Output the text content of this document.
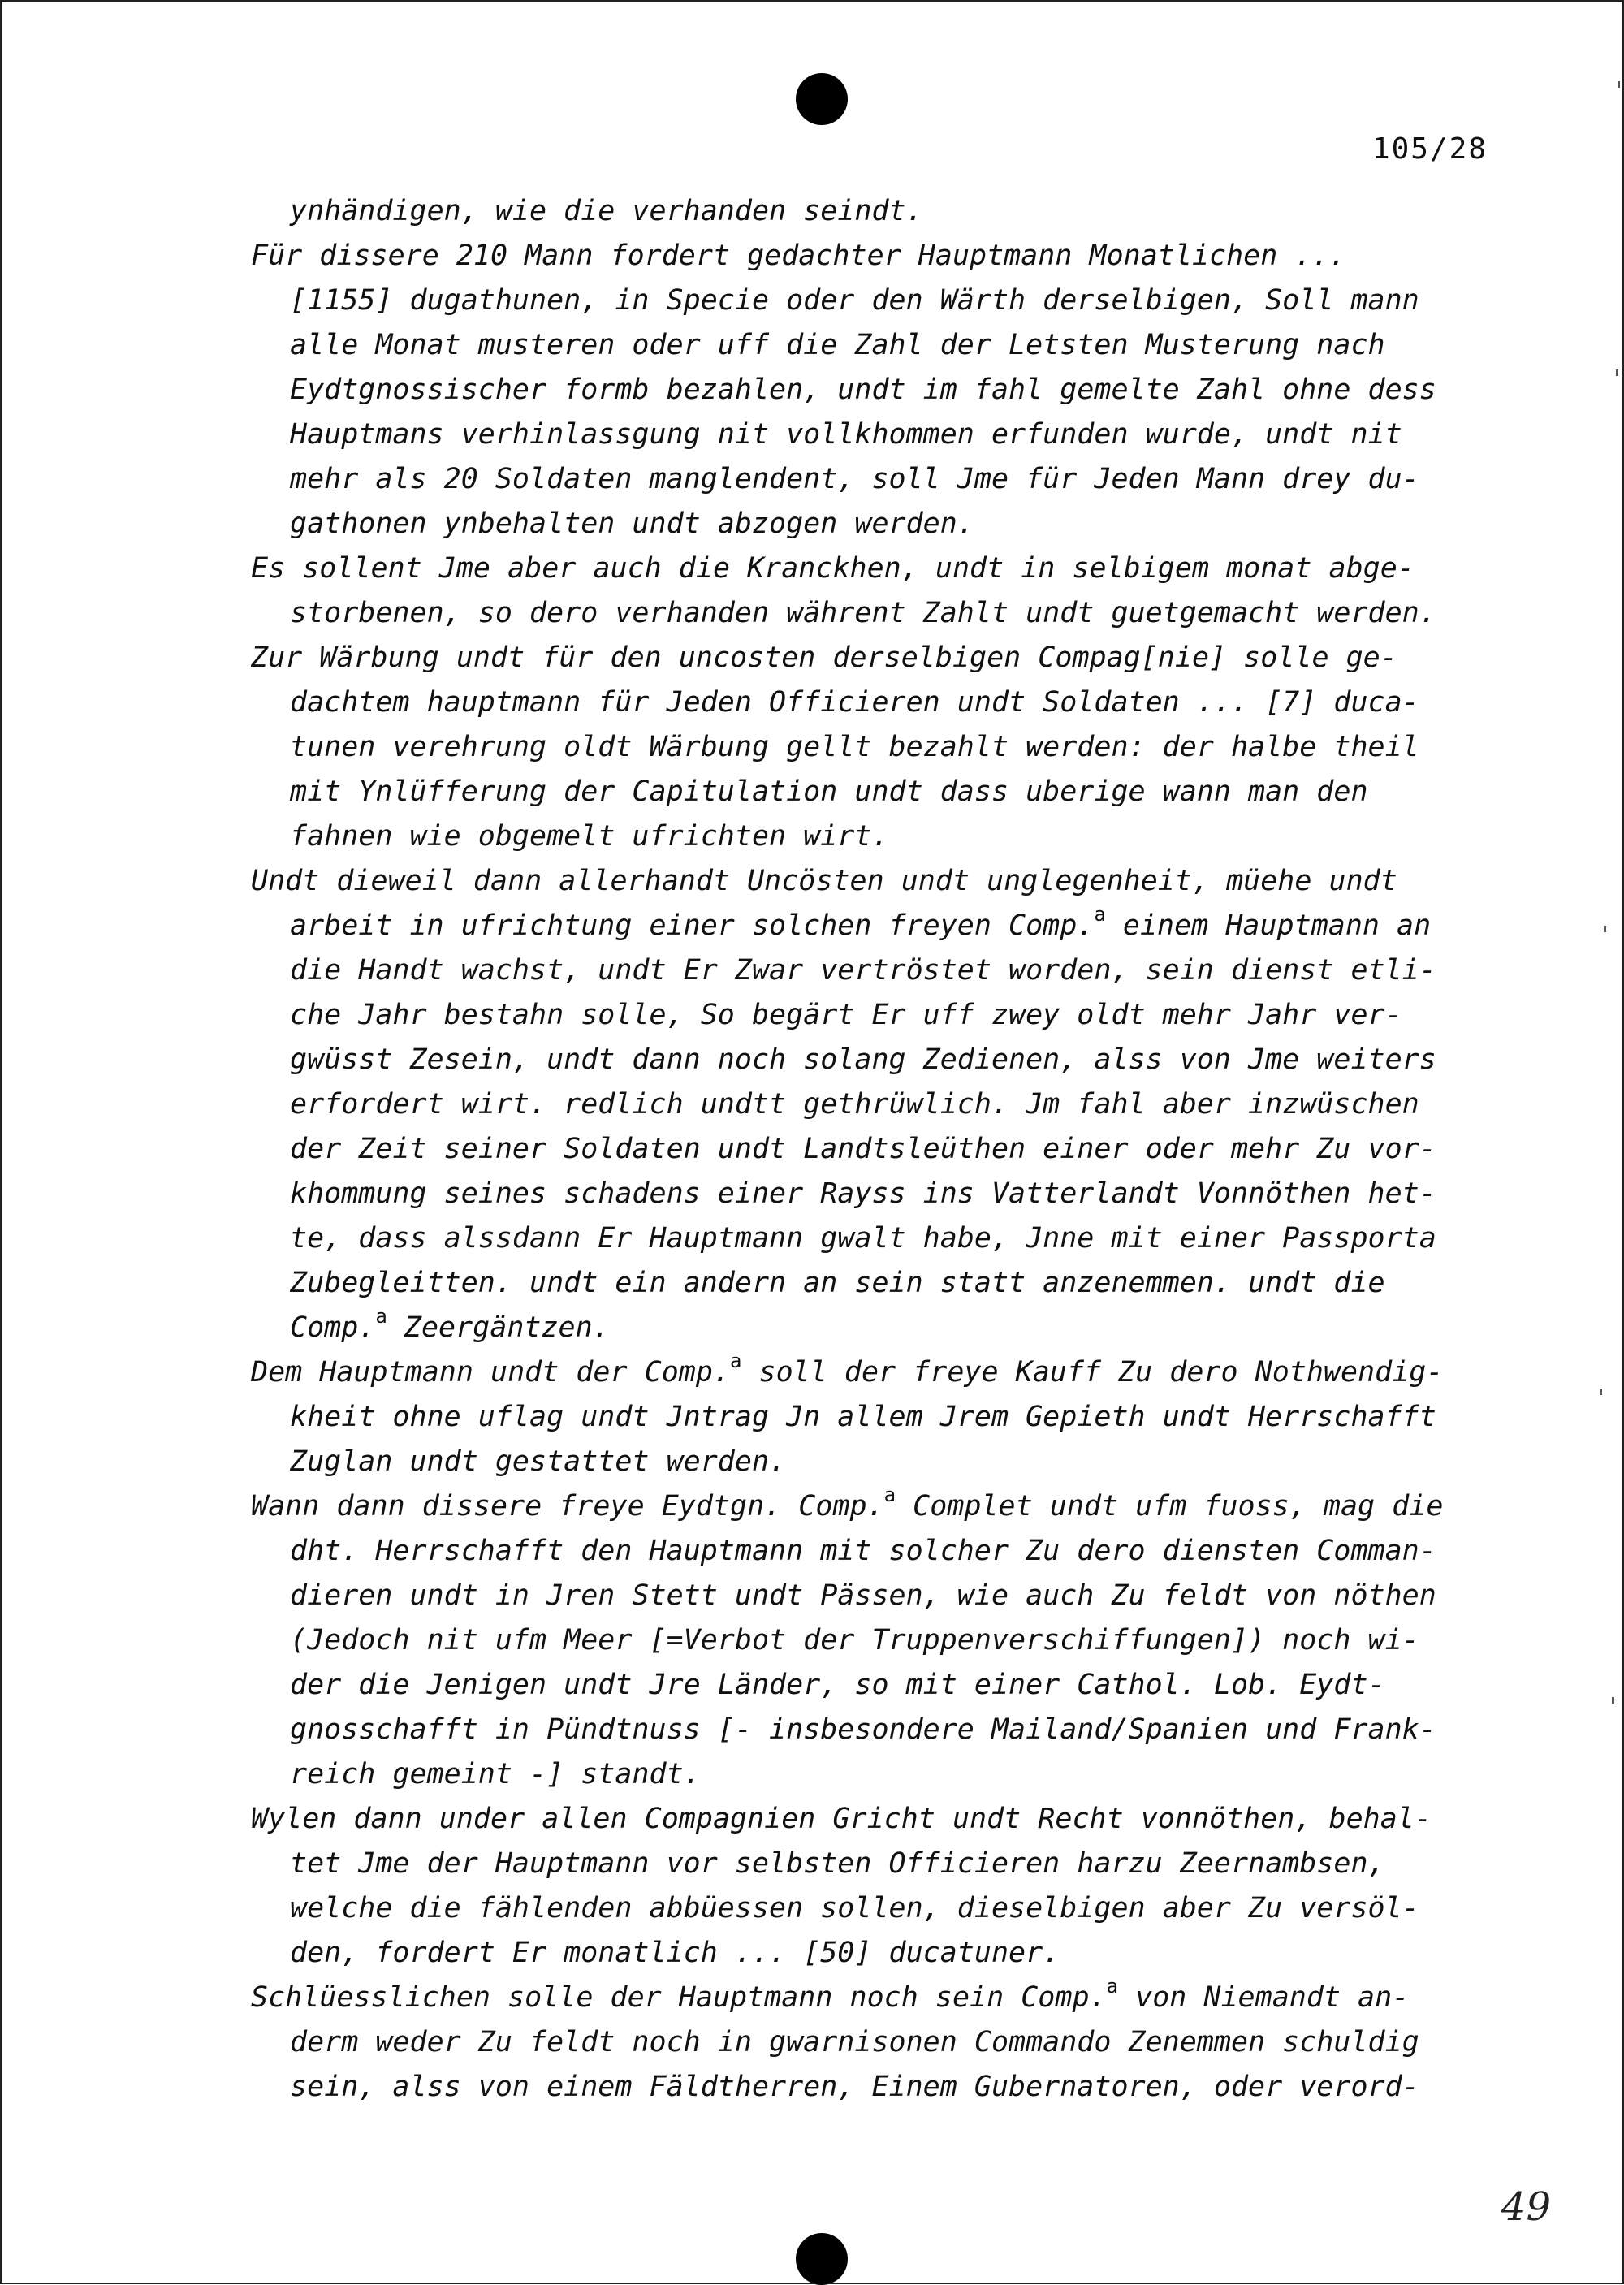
105/28
ynhändigen, wie die verhanden seindt.
Für dissere 210 Mann fordert gedachter Hauptmann Monatlichen ...
[1155] dugathunen, in Specie oder den Wärth derselbigen, Soll mann
alle Monat musteren oder uff die Zahl der Letsten Musterung nach
Eydtgnossischer formb bezahlen, undt im fahl gemelte Zahl ohne dess
Hauptmans verhinlassgung nit vollkhommen erfunden wurde, undt nit
mehr als 20 Soldaten manglendent, soll Jme für Jeden Mann drey du-
gathonen ynbehalten undt abzogen werden.
Es sollent Jme aber auch die Kranckhen, undt in selbigem monat abge-
storbenen, so dero verhanden währent Zahlt undt guetgemacht werden.
Zur Wärbung undt für den uncosten derselbigen Compag[nie] solle ge-
dachtem hauptmann für Jeden Officieren undt Soldaten ... [7] duca-
tunen verehrung oldt Wärbung gellt bezahlt werden: der halbe theil
mit Ynlüfferung der Capitulation undt dass uberige wann man den
fahnen wie obgemelt ufrichten wirt.
Undt dieweil dann allerhandt Uncösten undt unglegenheit, müehe undt
arbeit in ufrichtung einer solchen freyen Comp.$^a$ einem Hauptmann an
die Handt wachst, undt Er Zwar vertröstet worden, sein dienst etli-
che Jahr bestahn solle, So begärt Er uff zwey oldt mehr Jahr ver-
gwüsst Zesein, undt dann noch solang Zedienen, alss von Jme weiters
erfordert wirt. redlich undtt gethrüwlich. Jm fahl aber inzwüschen
der Zeit seiner Soldaten undt Landtsleüthen einer oder mehr Zu vor-
khommung seines schadens einer Rayss ins Vatterlandt Vonnöthen het-
te, dass alssdann Er Hauptmann gwalt habe, Jnne mit einer Passporta
Zubegleitten. undt ein andern an sein statt anzenemmen. undt die
Comp.$^a$ Zeergäntzen.
Dem Hauptmann undt der Comp.$^a$ soll der freye Kauff Zu dero Nothwendig-
kheit ohne uflag undt Jntrag Jn allem Jrem Gepieth undt Herrschafft
Zuglan undt gestattet werden.
Wann dann dissere freye Eydtgn. Comp.$^a$ Complet undt ufm fuoss, mag die
dht. Herrschafft den Hauptmann mit solcher Zu dero diensten Comman-
dieren undt in Jren Stett undt Pässen, wie auch Zu feldt von nöthen
(Jedoch nit ufm Meer [=Verbot der Truppenverschiffungen]) noch wi-
der die Jenigen undt Jre Länder, so mit einer Cathol. Lob. Eydt-
gnosschafft in Pündtnuss [- insbesondere Mailand/Spanien und Frank-
reich gemeint -] standt.
Wylen dann under allen Compagnien Gricht undt Recht vonnöthen, behal-
tet Jme der Hauptmann vor selbsten Officieren harzu Zeernambsen,
welche die fählenden abbüessen sollen, dieselbigen aber Zu versöl-
den, fordert Er monatlich ... [50] ducatuner.
Schlüesslichen solle der Hauptmann noch sein Comp.$^a$ von Niemandt an-
derm weder Zu feldt noch in gwarnisonen Commando Zenemmen schuldig
sein, alss von einem Fäldtherren, Einem Gubernatoren, oder verord-
49
